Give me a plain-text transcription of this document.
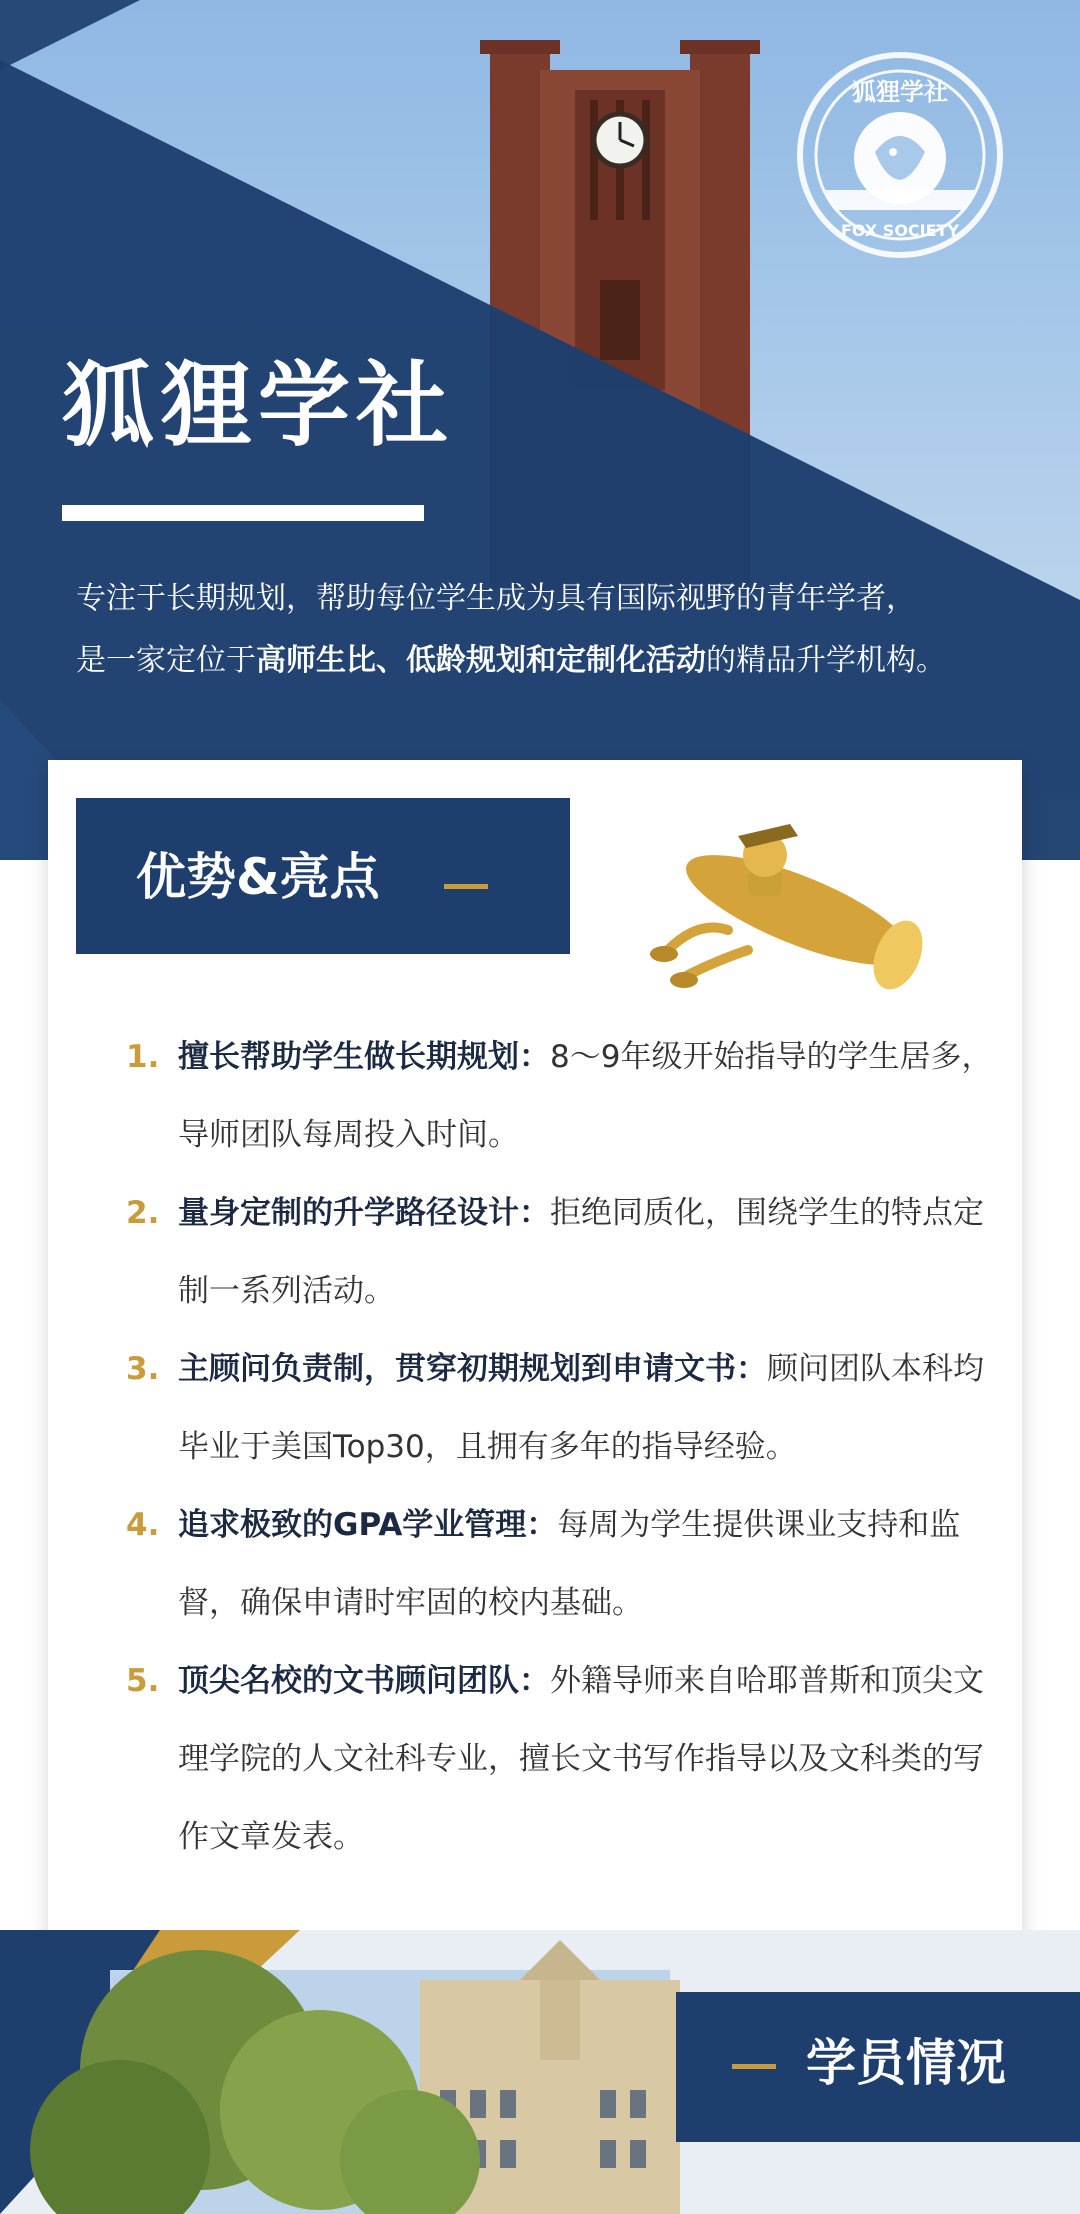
狐狸学社
FOX SOCIETY
狐狸学社

专注于长期规划，帮助每位学生成为具有国际视野的青年学者，
是一家定位于高师生比、低龄规划和定制化活动的精品升学机构。

优势&亮点
1. 擅长帮助学生做长期规划：8～9年级开始指导的学生居多，导师团队每周投入时间。
2. 量身定制的升学路径设计：拒绝同质化，围绕学生的特点定制一系列活动。
3. 主顾问负责制，贯穿初期规划到申请文书：顾问团队本科均毕业于美国Top30，且拥有多年的指导经验。
4. 追求极致的GPA学业管理：每周为学生提供课业支持和监督，确保申请时牢固的校内基础。
5. 顶尖名校的文书顾问团队：外籍导师来自哈耶普斯和顶尖文理学院的人文社科专业，擅长文书写作指导以及文科类的写作文章发表。
学员情况
